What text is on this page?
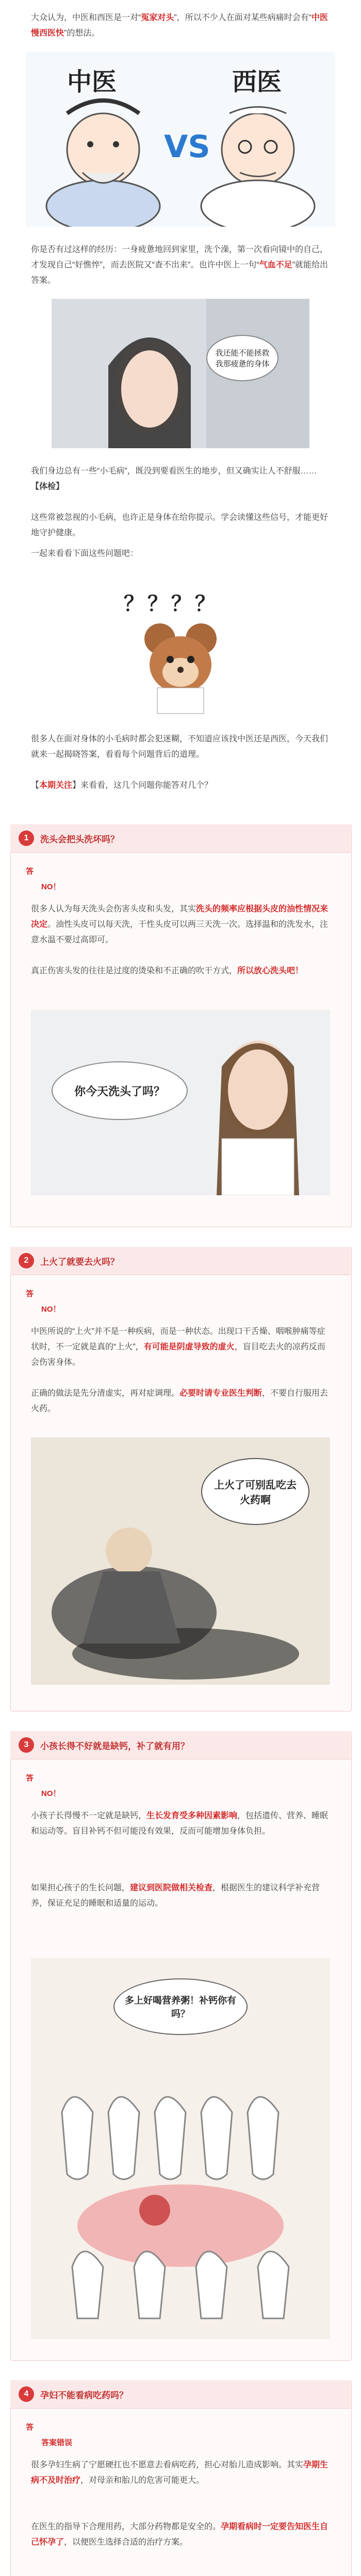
大众认为，中医和西医是一对“冤家对头”，所以不少人在面对某些病痛时会有“中医慢西医快”的想法。

中医	西医
VS

你是否有过这样的经历：一身疲惫地回到家里，洗个澡，第一次看向镜中的自己，才发现自己“好憔悴”，而去医院又“查不出来”。也许中医上一句“气血不足”就能给出答案。

我还能不能拯救我那疲惫的身体

我们身边总有一些“小毛病”，既没到要看医生的地步，但又确实让人不舒服……【体检】

这些常被忽视的小毛病，也许正是身体在给你提示。学会读懂这些信号，才能更好地守护健康。

一起来看看下面这些问题吧：

？？？？

很多人在面对身体的小毛病时都会犯迷糊，不知道应该找中医还是西医，今天我们就来一起揭晓答案，看看每个问题背后的道理。

【本期关注】来看看，这几个问题你能答对几个？

1	洗头会把头洗坏吗？
答
NO！

很多人认为每天洗头会伤害头皮和头发，其实洗头的频率应根据头皮的油性情况来决定。油性头皮可以每天洗，干性头皮可以两三天洗一次。选择温和的洗发水，注意水温不要过高即可。

真正伤害头发的往往是过度的烫染和不正确的吹干方式，所以放心洗头吧！

你今天洗头了吗？
2	上火了就要去火吗？
答
NO！

中医所说的“上火”并不是一种疾病，而是一种状态。出现口干舌燥、咽喉肿痛等症状时，不一定就是真的“上火”，有可能是阴虚导致的虚火，盲目吃去火的凉药反而会伤害身体。

正确的做法是先分清虚实，再对症调理。必要时请专业医生判断，不要自行服用去火药。

上火了可别乱吃去火药啊
3	小孩长得不好就是缺钙，补了就有用？
答
NO！

小孩子长得慢不一定就是缺钙，生长发育受多种因素影响，包括遗传、营养、睡眠和运动等。盲目补钙不但可能没有效果，反而可能增加身体负担。

如果担心孩子的生长问题，建议到医院做相关检查，根据医生的建议科学补充营养，保证充足的睡眠和适量的运动。

多上好喝营养粥！补钙你有吗？
4	孕妇不能看病吃药吗？
答
答案错误

很多孕妇生病了宁愿硬扛也不愿意去看病吃药，担心对胎儿造成影响。其实孕期生病不及时治疗，对母亲和胎儿的危害可能更大。

在医生的指导下合理用药，大部分药物都是安全的。孕期看病时一定要告知医生自己怀孕了，以便医生选择合适的治疗方案。
